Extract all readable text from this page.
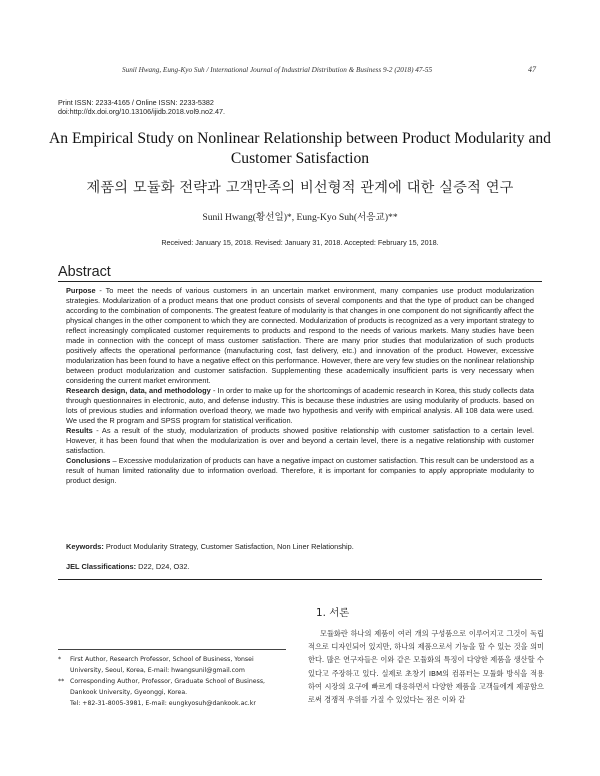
Sunil Hwang, Eung-Kyo Suh / International Journal of Industrial Distribution & Business 9-2 (2018) 47-55	47
Print ISSN: 2233-4165 / Online ISSN: 2233-5382
doi:http://dx.doi.org/10.13106/ijidb.2018.vol9.no2.47.
An Empirical Study on Nonlinear Relationship between Product Modularity and Customer Satisfaction
제품의 모듈화 전략과 고객만족의 비선형적 관계에 대한 실증적 연구
Sunil Hwang(황선일)*, Eung-Kyo Suh(서응교)**
Received: January 15, 2018. Revised: January 31, 2018. Accepted: February 15, 2018.
Abstract

Purpose - To meet the needs of various customers in an uncertain market environment, many companies use product modularization strategies. Modularization of a product means that one product consists of several components and that the type of product can be changed according to the combination of components. The greatest feature of modularity is that changes in one component do not significantly affect the physical changes in the other component to which they are connected. Modularization of products is recognized as a very important strategy to reflect increasingly complicated customer requirements to products and respond to the needs of various markets. Many studies have been made in connection with the concept of mass customer satisfaction. There are many prior studies that modularization of such products positively affects the operational performance (manufacturing cost, fast delivery, etc.) and innovation of the product. However, excessive modularization has been found to have a negative effect on this performance. However, there are very few studies on the nonlinear relationship between product modularization and customer satisfaction. Supplementing these academically insufficient parts is very necessary when considering the current market environment.

Research design, data, and methodology - In order to make up for the shortcomings of academic research in Korea, this study collects data through questionnaires in electronic, auto, and defense industry. This is because these industries are using modularity of products. based on lots of previous studies and information overload theory, we made two hypothesis and verify with empirical analysis. All 108 data were used. We used the R program and SPSS program for statistical verification.

Results - As a result of the study, modularization of products showed positive relationship with customer satisfaction to a certain level. However, it has been found that when the modularization is over and beyond a certain level, there is a negative relationship with customer satisfaction.

Conclusions – Excessive modularization of products can have a negative impact on customer satisfaction. This result can be understood as a result of human limited rationality due to information overload. Therefore, it is important for companies to apply appropriate modularity to product design.

Keywords: Product Modularity Strategy, Customer Satisfaction, Non Liner Relationship.
JEL Classifications: D22, D24, O32.
1. 서론

모듈화란 하나의 제품이 여러 개의 구성품으로 이루어지고 그것이 독립적으로 디자인되어 있지만, 하나의 제품으로서 기능을 할 수 있는 것을 의미한다. 많은 연구자들은 이와 같은 모듈화의 특징이 다양한 제품을 생산할 수 있다고 주장하고 있다. 실제로 초창기 IBM의 컴퓨터는 모듈화 방식을 적용하여 시장의 요구에 빠르게 대응하면서 다양한 제품을 고객들에게 제공함으로써 경쟁적 우위를 가질 수 있었다는 점은 이와 같

* First Author, Research Professor, School of Business, Yonsei
University, Seoul, Korea, E-mail: hwangsunil@gmail.com
** Corresponding Author, Professor, Graduate School of Business,
Dankook University, Gyeonggi, Korea.
Tel: +82-31-8005-3981, E-mail: eungkyosuh@dankook.ac.kr
